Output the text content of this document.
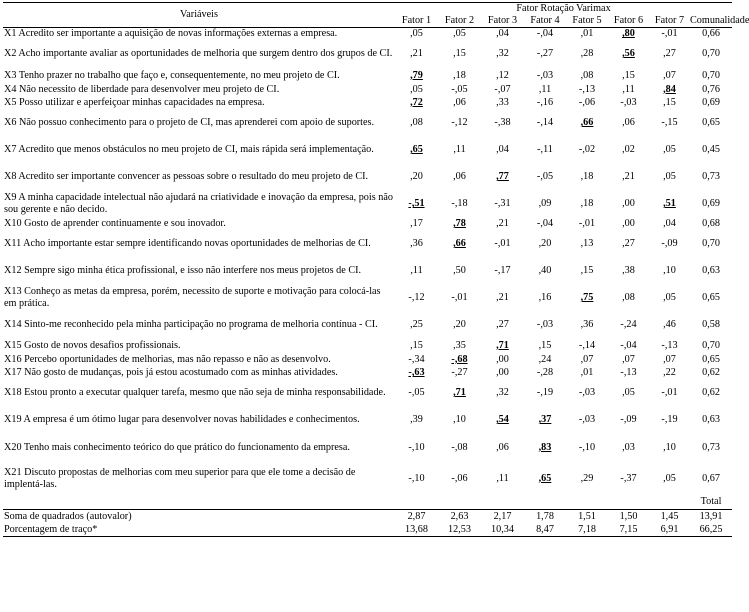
Variáveis	Fator Rotação Varimax							
	Fator 1	Fator 2	Fator 3	Fator 4	Fator 5	Fator 6	Fator 7	Comunalidade
X1 Acredito ser importante a aquisição de novas informações externas a empresa.	,05	,05	,04	-,04	,01	,80	-,01	0,66
X2 Acho importante avaliar as oportunidades de melhoria que surgem dentro dos grupos de CI.	,21	,15	,32	-,27	,28	,56	,27	0,70
X3 Tenho prazer no trabalho que faço e, consequentemente, no meu projeto de CI.	,79	,18	,12	-,03	,08	,15	,07	0,70
X4 Não necessito de liberdade para desenvolver meu projeto de CI.	,05	-,05	-,07	,11	-,13	,11	,84	0,76
X5 Posso utilizar e aperfeiçoar minhas capacidades na empresa.	,72	,06	,33	-,16	-,06	-,03	,15	0,69
X6 Não possuo conhecimento para o projeto de CI, mas aprenderei com apoio de suportes.	,08	-,12	-,38	-,14	,66	,06	-,15	0,65
X7 Acredito que menos obstáculos no meu projeto de CI, mais rápida será implementação.	,65	,11	,04	-,11	-,02	,02	,05	0,45
X8 Acredito ser importante convencer as pessoas sobre o resultado do meu projeto de CI.	,20	,06	,77	-,05	,18	,21	,05	0,73
X9 A minha capacidade intelectual não ajudará na criatividade e inovação da empresa, pois não sou gerente e não decido.	-,51	-,18	-,31	,09	,18	,00	,51	0,69
X10 Gosto de aprender continuamente e sou inovador.	,17	,78	,21	-,04	-,01	,00	,04	0,68
X11 Acho importante estar sempre identificando novas oportunidades de melhorias de CI.	,36	,66	-,01	,20	,13	,27	-,09	0,70
X12 Sempre sigo minha ética profissional, e isso não interfere nos meus projetos de CI.	,11	,50	-,17	,40	,15	,38	,10	0,63
X13 Conheço as metas da empresa, porém, necessito de suporte e motivação para colocá-las em prática.	-,12	-,01	,21	,16	,75	,08	,05	0,65
X14 Sinto-me reconhecido pela minha participação no programa de melhoria contínua - CI.	,25	,20	,27	-,03	,36	-,24	,46	0,58
X15 Gosto de novos desafios profissionais.	,15	,35	,71	,15	-,14	-,04	-,13	0,70
X16 Percebo oportunidades de melhorias, mas não repasso e não as desenvolvo.	-,34	-,68	,00	,24	,07	,07	,07	0,65
X17 Não gosto de mudanças, pois já estou acostumado com as minhas atividades.	-,63	-,27	,00	-,28	,01	-,13	,22	0,62
X18 Estou pronto a executar qualquer tarefa, mesmo que não seja de minha responsabilidade.	-,05	,71	,32	-,19	-,03	,05	-,01	0,62
X19 A empresa é um ótimo lugar para desenvolver novas habilidades e conhecimentos.	,39	,10	,54	,37	-,03	-,09	-,19	0,63
X20 Tenho mais conhecimento teórico do que prático do funcionamento da empresa.	-,10	-,08	,06	,83	-,10	,03	,10	0,73
X21 Discuto propostas de melhorias com meu superior para que ele tome a decisão de implentá-las.	-,10	-,06	,11	,65	,29	-,37	,05	0,67
								Total
Soma de quadrados (autovalor)	2,87	2,63	2,17	1,78	1,51	1,50	1,45	13,91
Porcentagem de traço*	13,68	12,53	10,34	8,47	7,18	7,15	6,91	66,25
